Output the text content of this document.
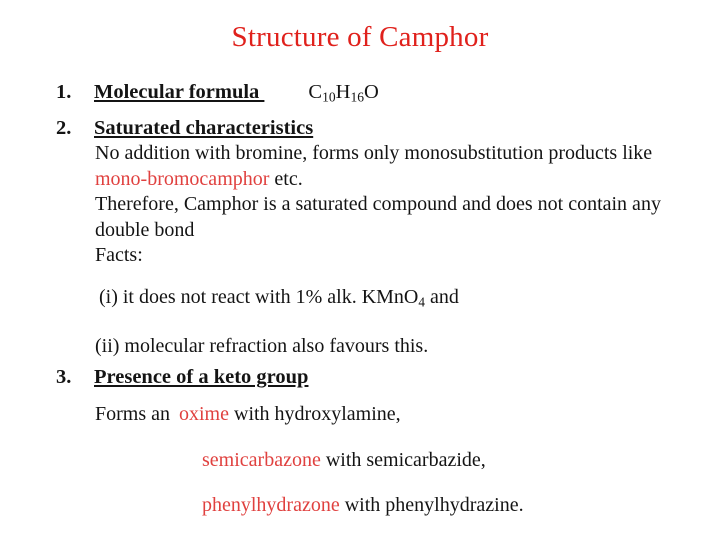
Structure of Camphor
1.	Molecular formula $C_{10}H_{16}O$
2.	Saturated characteristics
No addition with bromine, forms only monosubstitution products like mono-bromocamphor etc.
Therefore, Camphor is a saturated compound and does not contain any double bond
Facts:
(i) it does not react with 1% alk. KMnO$_4$ and
(ii) molecular refraction also favours this.
3.	Presence of a keto group
Forms an oxime with hydroxylamine,
semicarbazone with semicarbazide,
phenylhydrazone with phenylhydrazine.
